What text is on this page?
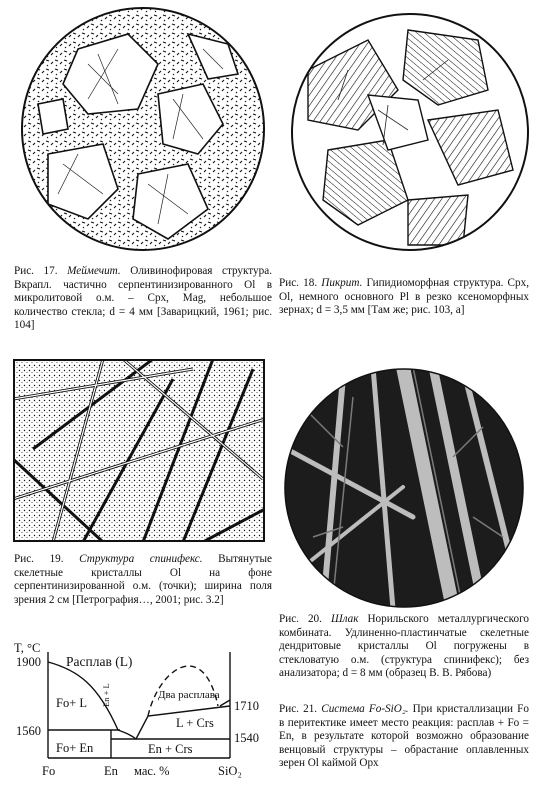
Рис. 17. Меймечит. Оливинофировая структура. Вкрапл. частично серпентинизированного Ol в микролитовой о.м. – Cpx, Mag, небольшое количество стекла; d = 4 мм [Заварицкий, 1961; рис. 104]
Рис. 18. Пикрит. Гипидиоморфная структура. Cpx, Ol, немного основного Pl в резко ксеноморфных зернах; d = 3,5 мм [Там же; рис. 103, а]
Рис. 19. Структура спинифекс. Вытянутые скелетные кристаллы Ol на фоне серпентинизированной о.м. (точки); ширина поля зрения 2 см [Петрография…, 2001; рис. 3.2]
Рис. 20. Шлак Норильского металлургического комбината. Удлиненно-пластинчатые скелетные дендритовые кристаллы Ol погружены в стекловатую о.м. (структура спинифекс); без анализатора; d = 8 мм (образец В. В. Рябова)
T, °C
1900
1560
1710
1540
Расплав (L)
Fo+ L En + L	Два расплава
L + Crs
Fo+ En	En + Crs
Fo	En мас. %	SiO₂
Рис. 21. Система Fo-SiO₂. При кристаллизации Fo в перитектике имеет место реакция: расплав + Fo = En, в результате которой возможно образование венцовый структуры – обрастание оплавленных зерен Ol каймой Opx
